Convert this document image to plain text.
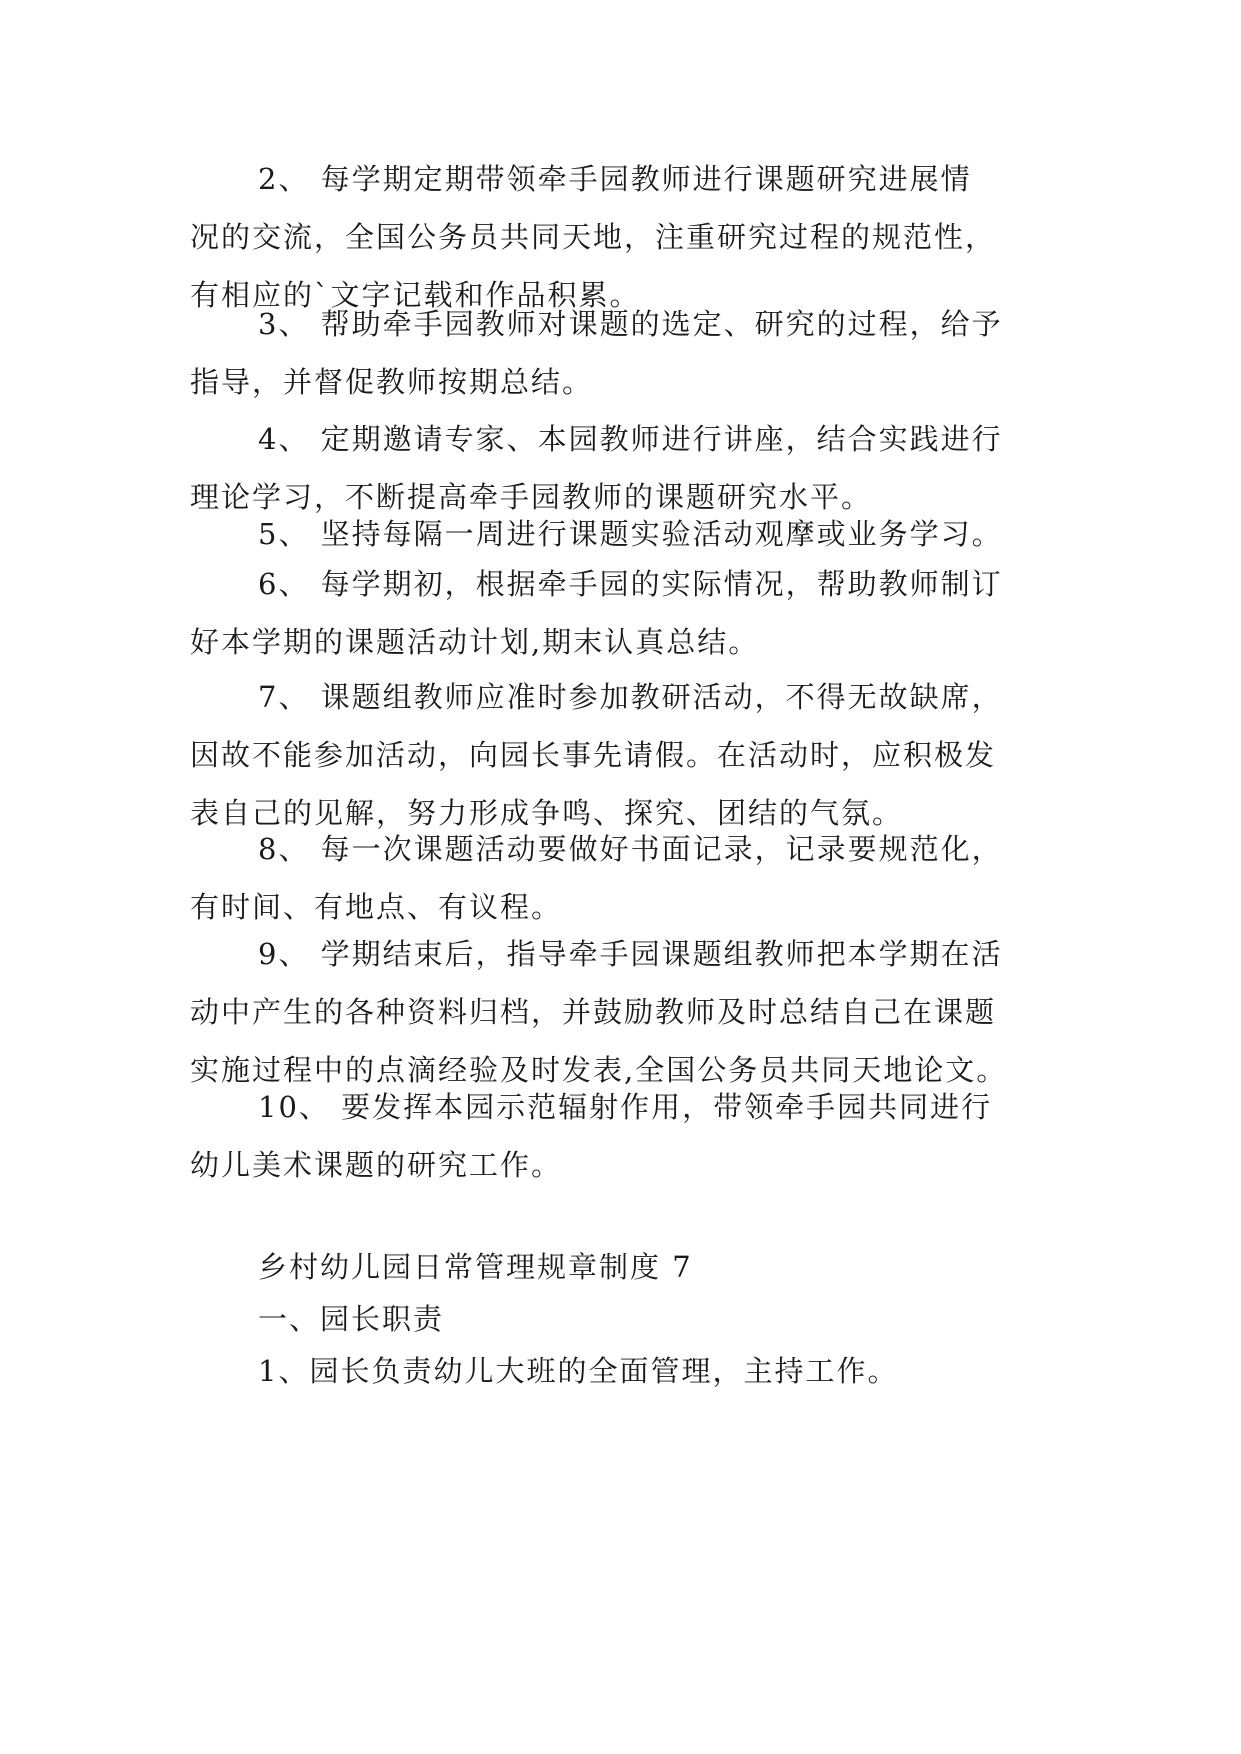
2、 每学期定期带领牵手园教师进行课题研究进展情
况的交流，全国公务员共同天地，注重研究过程的规范性，
有相应的`文字记载和作品积累。

3、 帮助牵手园教师对课题的选定、研究的过程，给予
指导，并督促教师按期总结。

4、 定期邀请专家、本园教师进行讲座，结合实践进行
理论学习，不断提高牵手园教师的课题研究水平。

5、 坚持每隔一周进行课题实验活动观摩或业务学习。

6、 每学期初，根据牵手园的实际情况，帮助教师制订
好本学期的课题活动计划,期末认真总结。

7、 课题组教师应准时参加教研活动，不得无故缺席，
因故不能参加活动，向园长事先请假。在活动时，应积极发
表自己的见解，努力形成争鸣、探究、团结的气氛。

8、 每一次课题活动要做好书面记录，记录要规范化，
有时间、有地点、有议程。

9、 学期结束后，指导牵手园课题组教师把本学期在活
动中产生的各种资料归档，并鼓励教师及时总结自己在课题
实施过程中的点滴经验及时发表,全国公务员共同天地论文。

10、 要发挥本园示范辐射作用，带领牵手园共同进行
幼儿美术课题的研究工作。

乡村幼儿园日常管理规章制度 7

一、园长职责

1、园长负责幼儿大班的全面管理，主持工作。
